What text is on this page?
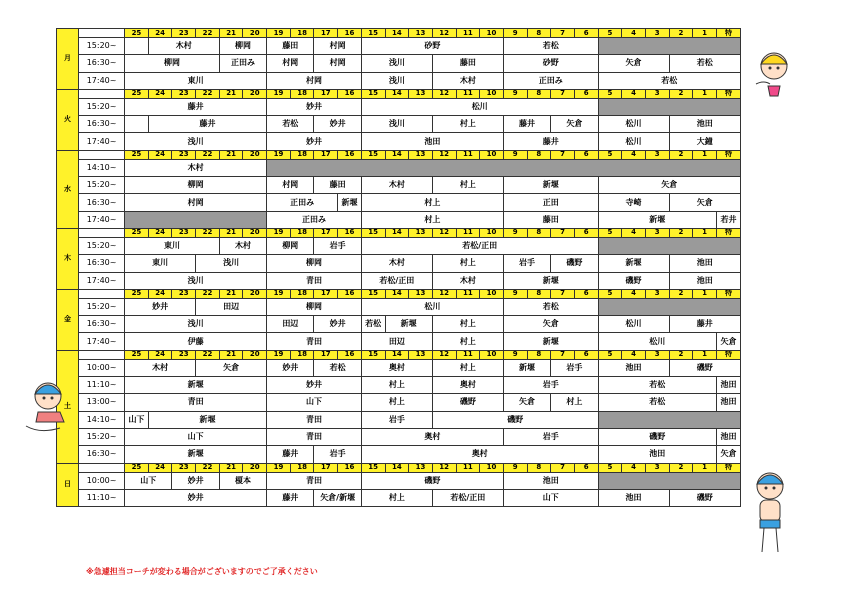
月		25	24	23	22	21	20	19	18	17	16	15	14	13	12	11	10	9	8	7	6	5	4	3	2	1	特
	15:20~		木村			柳岡		藤田		村岡		砂野						若松									
	16:30~	柳岡				正田み		村岡		村岡		浅川			藤田			砂野				矢倉			若松		
	17:40~	東川						村岡				浅川			木村			正田み				若松					
火		25	24	23	22	21	20	19	18	17	16	15	14	13	12	11	10	9	8	7	6	5	4	3	2	1	特
	15:20~	藤井						妙井				松川															
	16:30~		藤井					若松		妙井		浅川			村上			藤井		矢倉		松川			池田		
	17:40~	浅川						妙井				池田						藤井				松川			大鐘		
水		25	24	23	22	21	20	19	18	17	16	15	14	13	12	11	10	9	8	7	6	5	4	3	2	1	特
	14:10~	木村																									
	15:20~	柳岡						村岡		藤田		木村			村上			新堰				矢倉					
	16:30~	村岡						正田み			新堰	村上						正田				寺崎			矢倉		
	17:40~							正田み				村上						藤田				新堰					若井
木		25	24	23	22	21	20	19	18	17	16	15	14	13	12	11	10	9	8	7	6	5	4	3	2	1	特
	15:20~	東川				木村		柳岡		岩手		若松/正田															
	16:30~	東川			浅川			柳岡				木村			村上			岩手		磯野		新堰			池田		
	17:40~	浅川						青田				若松/正田			木村			新堰				磯野			池田		
金		25	24	23	22	21	20	19	18	17	16	15	14	13	12	11	10	9	8	7	6	5	4	3	2	1	特
	15:20~	妙井			田辺			柳岡				松川						若松									
	16:30~	浅川						田辺		妙井		若松	新堰		村上			矢倉				松川			藤井		
	17:40~	伊藤						青田				田辺			村上			新堰				松川					矢倉
土		25	24	23	22	21	20	19	18	17	16	15	14	13	12	11	10	9	8	7	6	5	4	3	2	1	特
	10:00~	木村			矢倉			妙井		若松		奥村			村上			新堰		岩手		池田			磯野		
	11:10~	新堰						妙井				村上			奥村			岩手				若松					池田
	13:00~	青田						山下				村上			磯野			矢倉		村上		若松					池田
	14:10~	山下	新堰					青田				岩手			磯野												
	15:20~	山下						青田				奥村						岩手				磯野					池田
	16:30~	新堰						藤井		岩手		奥村										池田					矢倉
日		25	24	23	22	21	20	19	18	17	16	15	14	13	12	11	10	9	8	7	6	5	4	3	2	1	特
	10:00~	山下		妙井		榎本		青田				磯野						池田									
	11:10~	妙井						藤井		矢倉/新堰		村上			若松/正田			山下				池田			磯野		
※急遽担当コーチが変わる場合がございますのでご了承ください
